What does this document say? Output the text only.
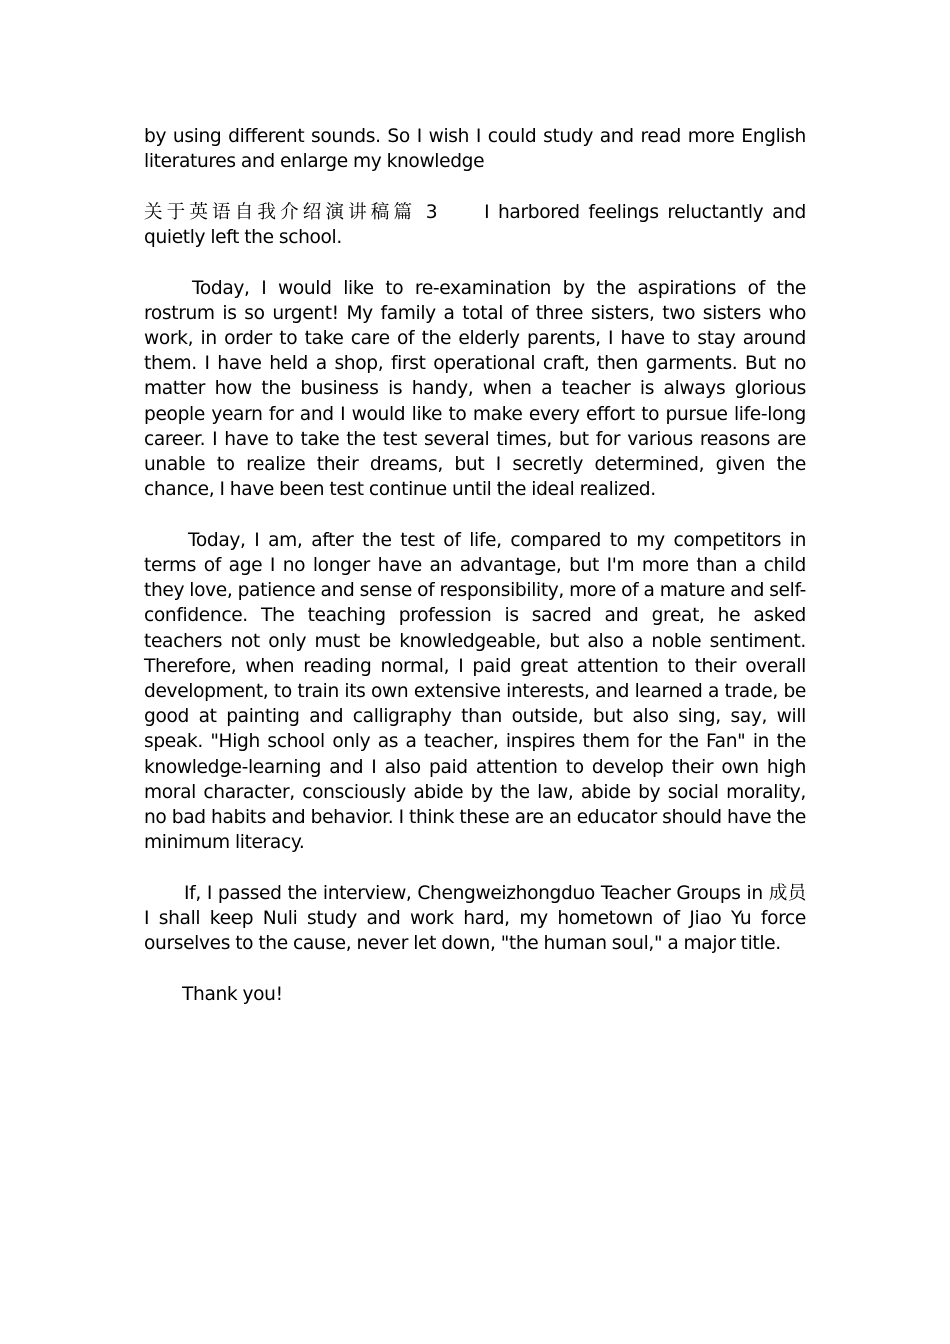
by using different sounds. So I wish I could study and read more English literatures and enlarge my knowledge

关于英语自我介绍演讲稿篇 3 I harbored feelings reluctantly and quietly left the school.

Today, I would like to re-examination by the aspirations of the rostrum is so urgent! My family a total of three sisters, two sisters who work, in order to take care of the elderly parents, I have to stay around them. I have held a shop, first operational craft, then garments. But no matter how the business is handy, when a teacher is always glorious people yearn for and I would like to make every effort to pursue life-long career. I have to take the test several times, but for various reasons are unable to realize their dreams, but I secretly determined, given the chance, I have been test continue until the ideal realized.

Today, I am, after the test of life, compared to my competitors in terms of age I no longer have an advantage, but I'm more than a child they love, patience and sense of responsibility, more of a mature and self-confidence. The teaching profession is sacred and great, he asked teachers not only must be knowledgeable, but also a noble sentiment. Therefore, when reading normal, I paid great attention to their overall development, to train its own extensive interests, and learned a trade, be good at painting and calligraphy than outside, but also sing, say, will speak. "High school only as a teacher, inspires them for the Fan" in the knowledge-learning and I also paid attention to develop their own high moral character, consciously abide by the law, abide by social morality, no bad habits and behavior. I think these are an educator should have the minimum literacy.

If, I passed the interview, Chengweizhongduo Teacher Groups in 成员 I shall keep Nuli study and work hard, my hometown of Jiao Yu force ourselves to the cause, never let down, "the human soul," a major title.

Thank you!
